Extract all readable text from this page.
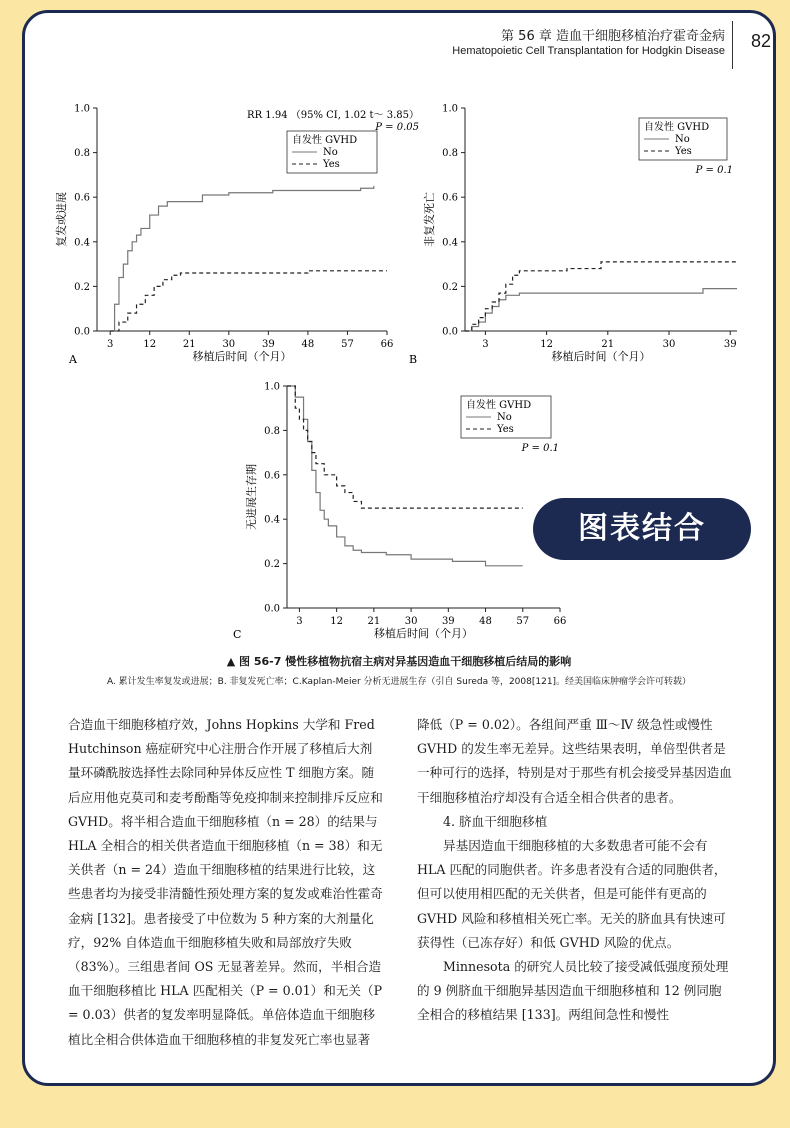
第 56 章 造血干细胞移植治疗霍奇金病
Hematopoietic Cell Transplantation for Hodgkin Disease 82
0.0
0.2
0.4
0.6
0.8
1.0
3	12	21	30	39	48	57	66
移植后时间（个月）
复发或进展
A
自发性 GVHD
No
Yes
RR 1.94 （95% CI, 1.02 t～ 3.85）
P = 0.05
0.0
0.2
0.4
0.6
0.8
1.0
3	12	21	30	39
移植后时间（个月）
非复发死亡
B
自发性 GVHD
No
Yes
P = 0.1
0.0
0.2
0.4
0.6
0.8
1.0
3	12 21 30 39 48 57 66
移植后时间（个月）
无进展生存期
C
自发性 GVHD
No
Yes
P = 0.1
图表结合
▲ 图 56-7 慢性移植物抗宿主病对异基因造血干细胞移植后结局的影响
A. 累计发生率复发或进展；B. 非复发死亡率；C.Kaplan-Meier 分析无进展生存（引自 Sureda 等，2008[121]。经美国临床肿瘤学会许可转载）

合造血干细胞移植疗效，Johns Hopkins 大学和 Fred Hutchinson 癌症研究中心注册合作开展了移植后大剂量环磷酰胺选择性去除同种异体反应性 T 细胞方案。随后应用他克莫司和麦考酚酯等免疫抑制来控制排斥反应和 GVHD。将半相合造血干细胞移植（n = 28）的结果与 HLA 全相合的相关供者造血干细胞移植（n = 38）和无关供者（n = 24）造血干细胞移植的结果进行比较，这些患者均为接受非清髓性预处理方案的复发或难治性霍奇金病 [132]。患者接受了中位数为 5 种方案的大剂量化疗，92% 自体造血干细胞移植失败和局部放疗失败（83%）。三组患者间 OS 无显著差异。然而，半相合造血干细胞移植比 HLA 匹配相关（P = 0.01）和无关（P = 0.03）供者的复发率明显降低。单倍体造血干细胞移植比全相合供体造血干细胞移植的非复发死亡率也显著

降低（P = 0.02）。各组间严重 Ⅲ～Ⅳ 级急性或慢性 GVHD 的发生率无差异。这些结果表明，单倍型供者是一种可行的选择，特别是对于那些有机会接受异基因造血干细胞移植治疗却没有合适全相合供者的患者。

4. 脐血干细胞移植

异基因造血干细胞移植的大多数患者可能不会有 HLA 匹配的同胞供者。许多患者没有合适的同胞供者，但可以使用相匹配的无关供者，但是可能伴有更高的 GVHD 风险和移植相关死亡率。无关的脐血具有快速可获得性（已冻存好）和低 GVHD 风险的优点。

Minnesota 的研究人员比较了接受减低强度预处理的 9 例脐血干细胞异基因造血干细胞移植和 12 例同胞全相合的移植结果 [133]。两组间急性和慢性
